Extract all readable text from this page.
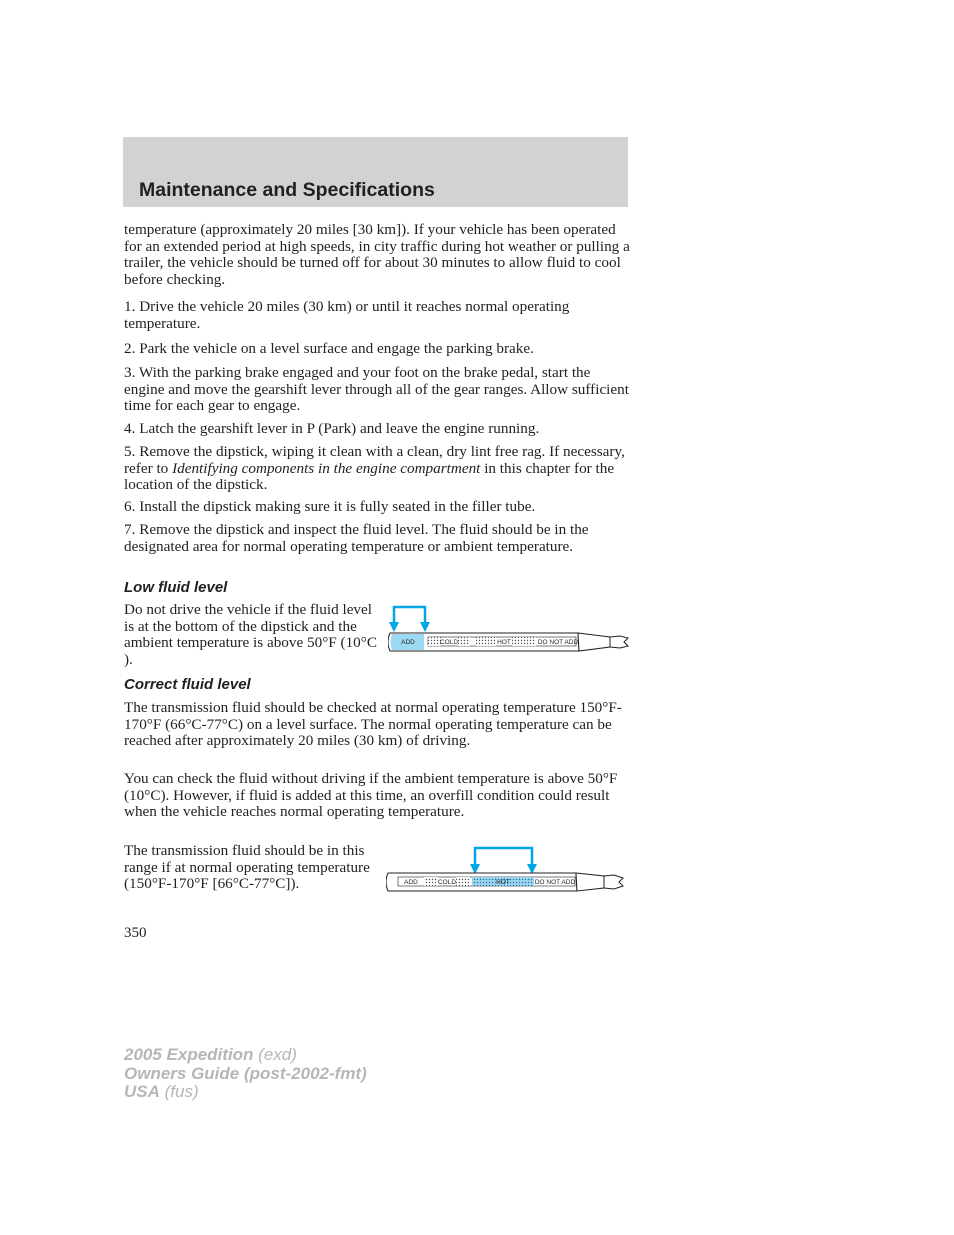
Maintenance and Specifications

temperature (approximately 20 miles [30 km]). If your vehicle has been operated for an extended period at high speeds, in city traffic during hot weather or pulling a trailer, the vehicle should be turned off for about 30 minutes to allow fluid to cool before checking.

1. Drive the vehicle 20 miles (30 km) or until it reaches normal operating temperature.

2. Park the vehicle on a level surface and engage the parking brake.

3. With the parking brake engaged and your foot on the brake pedal, start the engine and move the gearshift lever through all of the gear ranges. Allow sufficient time for each gear to engage.

4. Latch the gearshift lever in P (Park) and leave the engine running.

5. Remove the dipstick, wiping it clean with a clean, dry lint free rag. If necessary, refer to Identifying components in the engine compartment in this chapter for the location of the dipstick.

6. Install the dipstick making sure it is fully seated in the filler tube.

7. Remove the dipstick and inspect the fluid level. The fluid should be in the designated area for normal operating temperature or ambient temperature.

Low fluid level

Do not drive the vehicle if the fluid level is at the bottom of the dipstick and the ambient temperature is above 50°F (10°C ).

ADD	COLD	HOT	DO NOT ADD
Correct fluid level

The transmission fluid should be checked at normal operating temperature 150°F-170°F (66°C-77°C) on a level surface. The normal operating temperature can be reached after approximately 20 miles (30 km) of driving.

You can check the fluid without driving if the ambient temperature is above 50°F (10°C). However, if fluid is added at this time, an overfill condition could result when the vehicle reaches normal operating temperature.

The transmission fluid should be in this range if at normal operating temperature (150°F-170°F [66°C-77°C]).	ADD	COLD	HOT	DO NOT ADD

350

2005 Expedition (exd)
Owners Guide (post-2002-fmt)
USA (fus)
